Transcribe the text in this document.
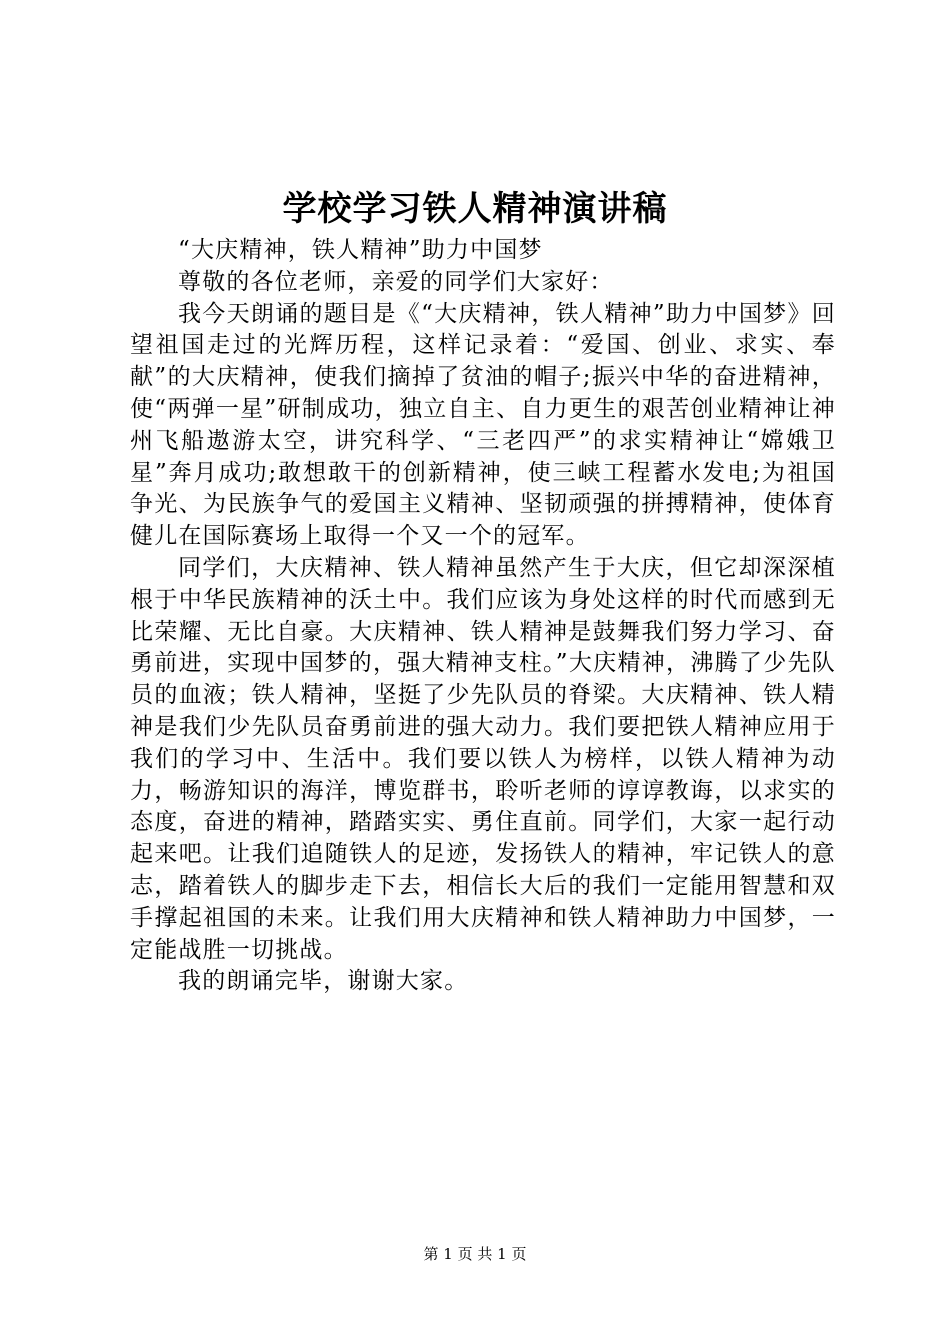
学校学习铁人精神演讲稿

“大庆精神，铁人精神”助力中国梦

尊敬的各位老师，亲爱的同学们大家好：

我今天朗诵的题目是《“大庆精神，铁人精神”助力中国梦》回望祖国走过的光辉历程，这样记录着：“爱国、创业、求实、奉献”的大庆精神，使我们摘掉了贫油的帽子;振兴中华的奋进精神，使“两弹一星”研制成功，独立自主、自力更生的艰苦创业精神让神州飞船遨游太空，讲究科学、“三老四严”的求实精神让“嫦娥卫星”奔月成功;敢想敢干的创新精神，使三峡工程蓄水发电;为祖国争光、为民族争气的爱国主义精神、坚韧顽强的拼搏精神，使体育健儿在国际赛场上取得一个又一个的冠军。

同学们，大庆精神、铁人精神虽然产生于大庆，但它却深深植根于中华民族精神的沃土中。我们应该为身处这样的时代而感到无比荣耀、无比自豪。大庆精神、铁人精神是鼓舞我们努力学习、奋勇前进，实现中国梦的，强大精神支柱。”大庆精神，沸腾了少先队员的血液；铁人精神，坚挺了少先队员的脊梁。大庆精神、铁人精神是我们少先队员奋勇前进的强大动力。我们要把铁人精神应用于我们的学习中、生活中。我们要以铁人为榜样，以铁人精神为动力，畅游知识的海洋，博览群书，聆听老师的谆谆教诲，以求实的态度，奋进的精神，踏踏实实、勇住直前。同学们，大家一起行动起来吧。让我们追随铁人的足迹，发扬铁人的精神，牢记铁人的意志，踏着铁人的脚步走下去，相信长大后的我们一定能用智慧和双手撑起祖国的未来。让我们用大庆精神和铁人精神助力中国梦，一定能战胜一切挑战。

我的朗诵完毕，谢谢大家。

第 1 页 共 1 页
